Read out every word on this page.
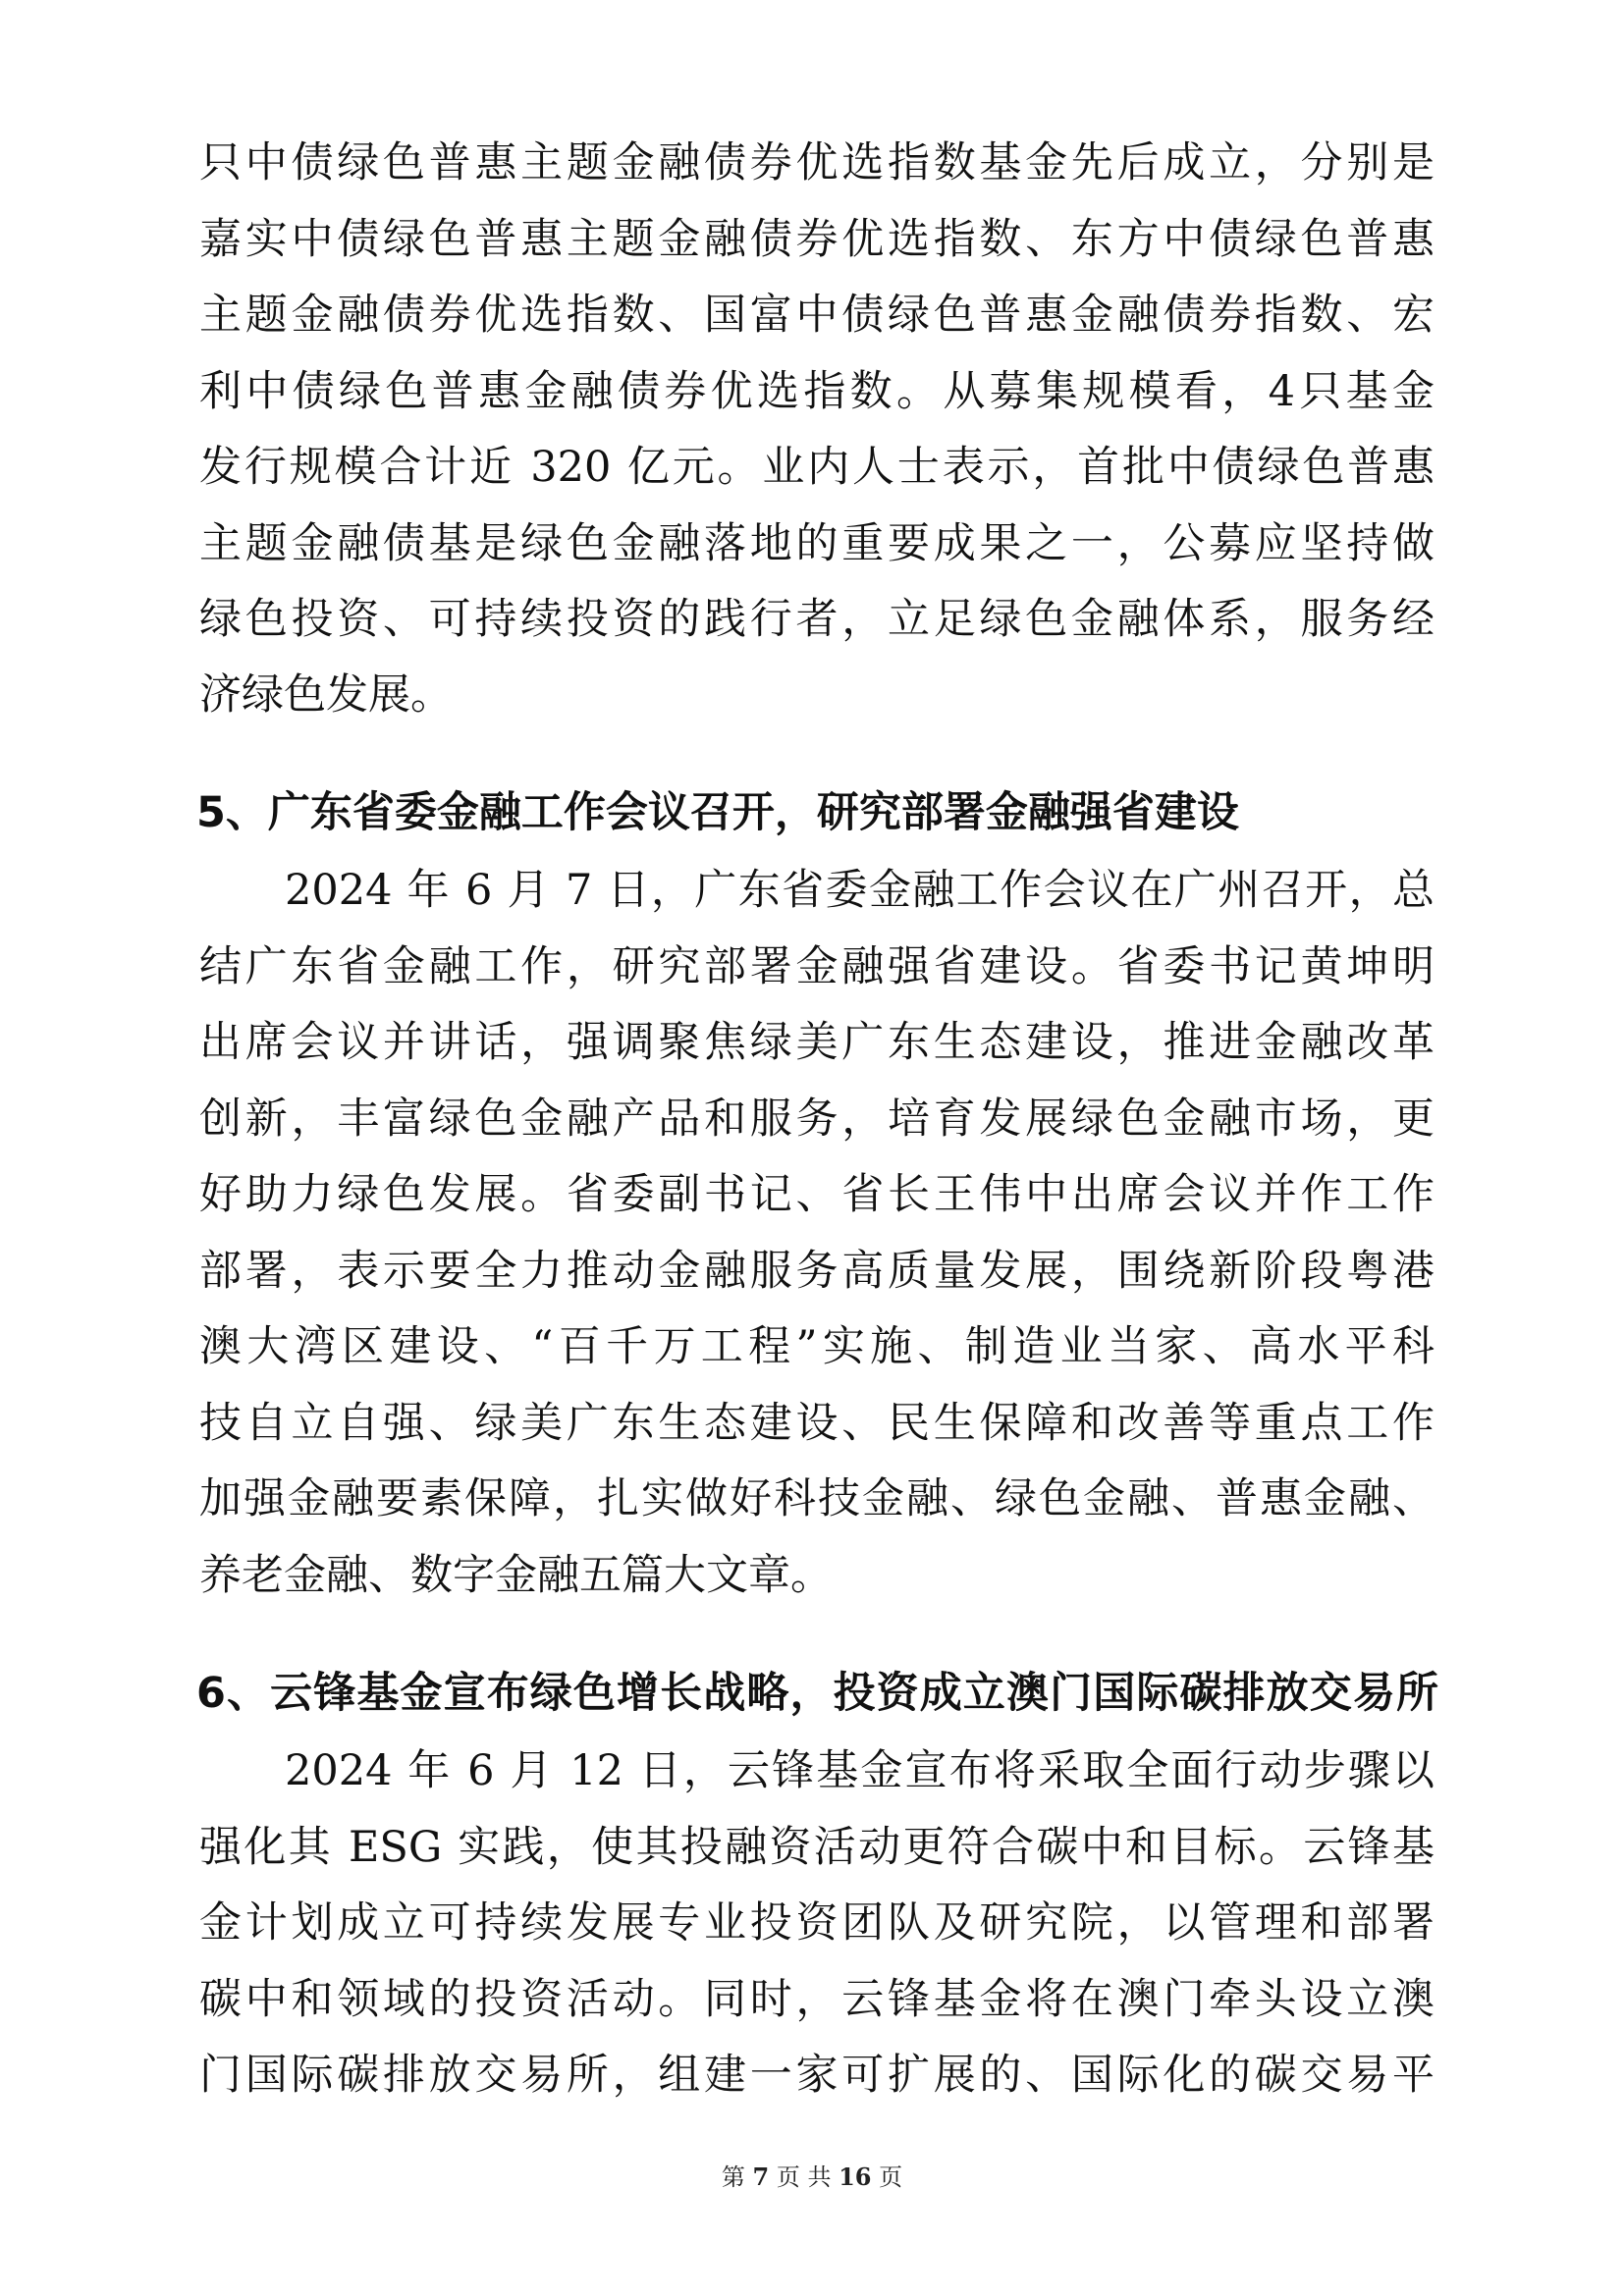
只中债绿色普惠主题金融债券优选指数基金先后成立，分别是
嘉实中债绿色普惠主题金融债券优选指数、东方中债绿色普惠
主题金融债券优选指数、国富中债绿色普惠金融债券指数、宏
利中债绿色普惠金融债券优选指数。从募集规模看，4只基金
发行规模合计近 320 亿元。业内人士表示，首批中债绿色普惠
主题金融债基是绿色金融落地的重要成果之一，公募应坚持做
绿色投资、可持续投资的践行者，立足绿色金融体系，服务经
济绿色发展。
5、广东省委金融工作会议召开，研究部署金融强省建设
2024 年 6 月 7 日，广东省委金融工作会议在广州召开，总
结广东省金融工作，研究部署金融强省建设。省委书记黄坤明
出席会议并讲话，强调聚焦绿美广东生态建设，推进金融改革
创新，丰富绿色金融产品和服务，培育发展绿色金融市场，更
好助力绿色发展。省委副书记、省长王伟中出席会议并作工作
部署，表示要全力推动金融服务高质量发展，围绕新阶段粤港
澳大湾区建设、“百千万工程”实施、制造业当家、高水平科
技自立自强、绿美广东生态建设、民生保障和改善等重点工作
加强金融要素保障，扎实做好科技金融、绿色金融、普惠金融、
养老金融、数字金融五篇大文章。
6、云锋基金宣布绿色增长战略，投资成立澳门国际碳排放交易所
2024 年 6 月 12 日，云锋基金宣布将采取全面行动步骤以
强化其 ESG 实践，使其投融资活动更符合碳中和目标。云锋基
金计划成立可持续发展专业投资团队及研究院，以管理和部署
碳中和领域的投资活动。同时，云锋基金将在澳门牵头设立澳
门国际碳排放交易所，组建一家可扩展的、国际化的碳交易平
第 7 页 共 16 页
